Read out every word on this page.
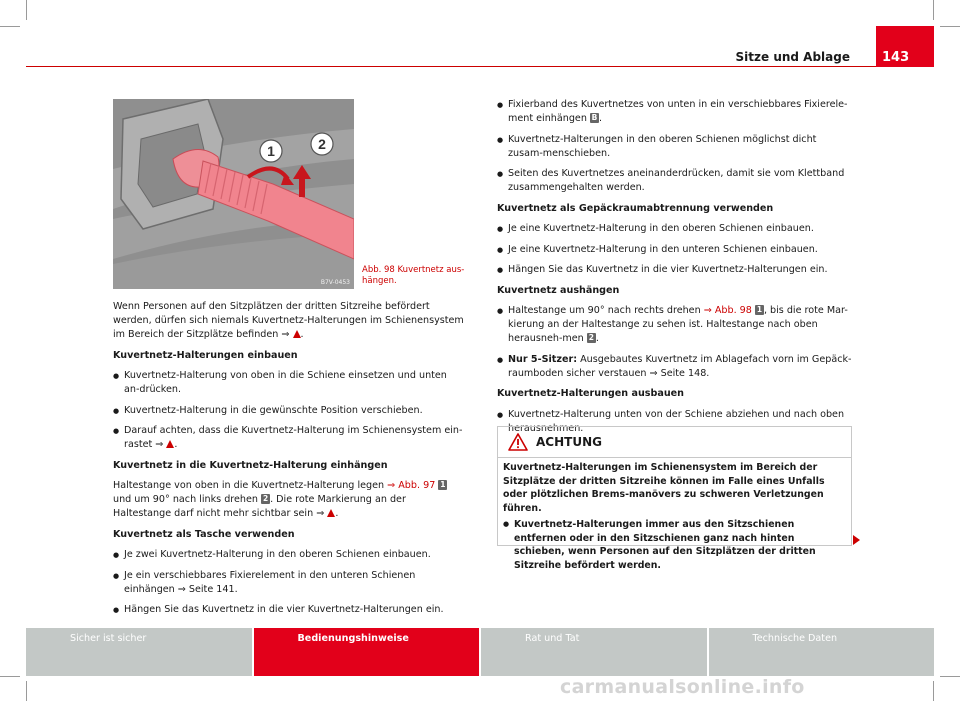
Sitze und Ablage	143
1	2
B7V-0453
Abb. 98 Kuvertnetz aus-hängen.

Wenn Personen auf den Sitzplätzen der dritten Sitzreihe befördert werden, dürfen sich niemals Kuvertnetz-Halterungen im Schienensystem im Bereich der Sitzplätze befinden ⇒ .

Kuvertnetz-Halterungen einbauen

● Kuvertnetz-Halterung von oben in die Schiene einsetzen und unten an-drücken.

● Kuvertnetz-Halterung in die gewünschte Position verschieben.

● Darauf achten, dass die Kuvertnetz-Halterung im Schienensystem ein-rastet ⇒ .

Kuvertnetz in die Kuvertnetz-Halterung einhängen

Haltestange von oben in die Kuvertnetz-Halterung legen ⇒ Abb. 97 1 und um 90° nach links drehen 2 . Die rote Markierung an der Haltestange darf nicht mehr sichtbar sein ⇒ .

Kuvertnetz als Tasche verwenden

● Je zwei Kuvertnetz-Halterung in den oberen Schienen einbauen.

● Je ein verschiebbares Fixierelement in den unteren Schienen einhängen ⇒ Seite 141.

● Hängen Sie das Kuvertnetz in die vier Kuvertnetz-Halterungen ein.

● Fixierband des Kuvertnetzes von unten in ein verschiebbares Fixierele-ment einhängen B .

● Kuvertnetz-Halterungen in den oberen Schienen möglichst dicht zusam-menschieben.

● Seiten des Kuvertnetzes aneinanderdrücken, damit sie vom Klettband zusammengehalten werden.

Kuvertnetz als Gepäckraumabtrennung verwenden

● Je eine Kuvertnetz-Halterung in den oberen Schienen einbauen.

● Je eine Kuvertnetz-Halterung in den unteren Schienen einbauen.

● Hängen Sie das Kuvertnetz in die vier Kuvertnetz-Halterungen ein.

Kuvertnetz aushängen

● Haltestange um 90° nach rechts drehen ⇒ Abb. 98 1 , bis die rote Mar-kierung an der Haltestange zu sehen ist. Haltestange nach oben herausneh-men 2 .

● Nur 5-Sitzer: Ausgebautes Kuvertnetz im Ablagefach vorn im Gepäck-raumboden sicher verstauen ⇒ Seite 148.

Kuvertnetz-Halterungen ausbauen

● Kuvertnetz-Halterung unten von der Schiene abziehen und nach oben herausnehmen.

ACHTUNG

Kuvertnetz-Halterungen im Schienensystem im Bereich der Sitzplätze der dritten Sitzreihe können im Falle eines Unfalls oder plötzlichen Brems-manövers zu schweren Verletzungen führen.

● Kuvertnetz-Halterungen immer aus den Sitzschienen entfernen oder in den Sitzschienen ganz nach hinten schieben, wenn Personen auf den Sitzplätzen der dritten Sitzreihe befördert werden.

Sicher ist sicher	Bedienungshinweise	Rat und Tat	Technische Daten
carmanualsonline.info
